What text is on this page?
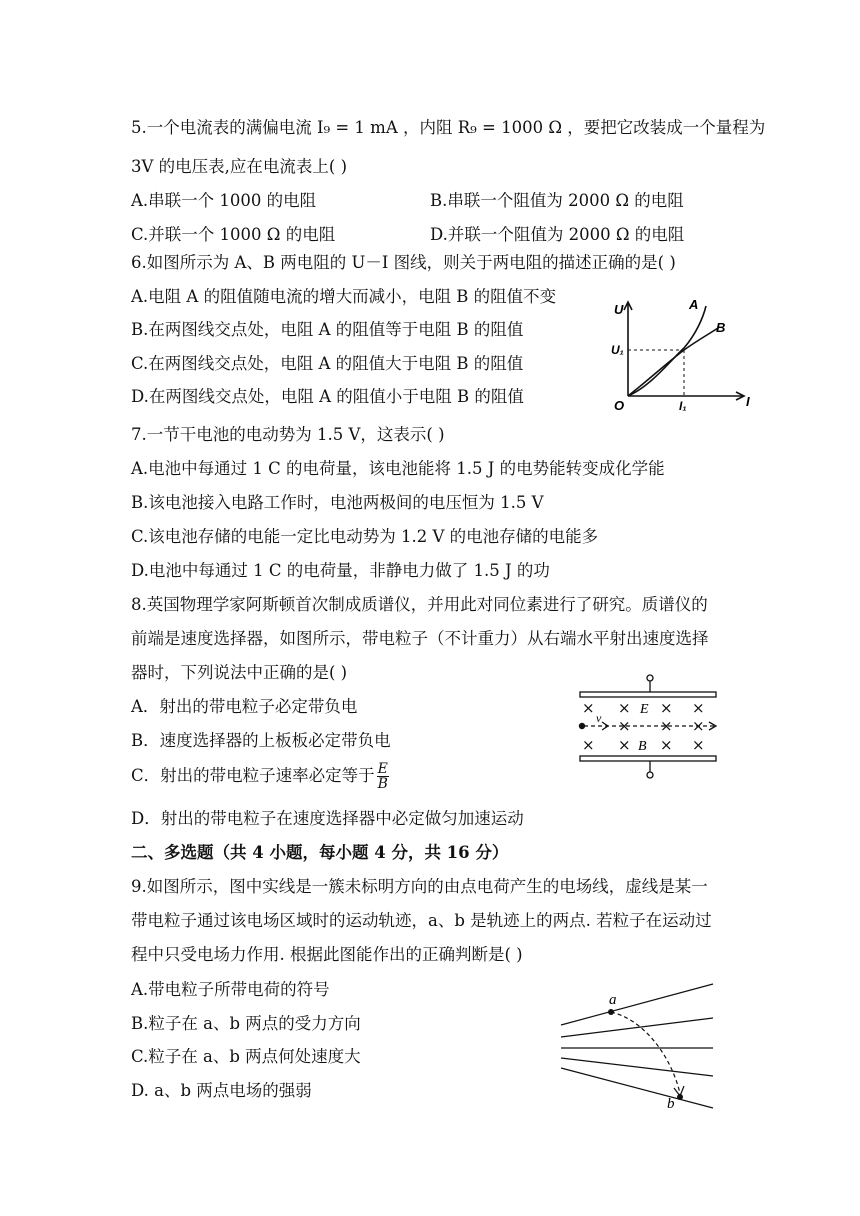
5.一个电流表的满偏电流 I₉ = 1 mA ，内阻 R₉ = 1000 Ω ，要把它改装成一个量程为
3V 的电压表,应在电流表上( )
A.串联一个 1000 的电阻	B.串联一个阻值为 2000 Ω 的电阻
C.并联一个 1000 Ω 的电阻	D.并联一个阻值为 2000 Ω 的电阻
6.如图所示为 A、B 两电阻的 U－I 图线，则关于两电阻的描述正确的是( )
A.电阻 A 的阻值随电流的增大而减小，电阻 B 的阻值不变
B.在两图线交点处，电阻 A 的阻值等于电阻 B 的阻值
C.在两图线交点处，电阻 A 的阻值大于电阻 B 的阻值
D.在两图线交点处，电阻 A 的阻值小于电阻 B 的阻值
U
U₁
O	I₁	I
A
B
7.一节干电池的电动势为 1.5 V，这表示( )
A.电池中每通过 1 C 的电荷量，该电池能将 1.5 J 的电势能转变成化学能
B.该电池接入电路工作时，电池两极间的电压恒为 1.5 V
C.该电池存储的电能一定比电动势为 1.2 V 的电池存储的电能多
D.电池中每通过 1 C 的电荷量，非静电力做了 1.5 J 的功
8.英国物理学家阿斯顿首次制成质谱仪，并用此对同位素进行了研究。质谱仪的
前端是速度选择器，如图所示，带电粒子（不计重力）从右端水平射出速度选择
器时，下列说法中正确的是( )
A．射出的带电粒子必定带负电
B．速度选择器的上板板必定带负电
C．射出的带电粒子速率必定等于 $\frac{E}{B}$
D．射出的带电粒子在速度选择器中必定做匀加速运动
× × × ×
× × ×
× × × ×
E
B
v
二、多选题（共 4 小题，每小题 4 分，共 16 分）
9.如图所示，图中实线是一簇未标明方向的由点电荷产生的电场线，虚线是某一
带电粒子通过该电场区域时的运动轨迹，a、b 是轨迹上的两点. 若粒子在运动过
程中只受电场力作用. 根据此图能作出的正确判断是( )
A.带电粒子所带电荷的符号
B.粒子在 a、b 两点的受力方向
C.粒子在 a、b 两点何处速度大
D. a、b 两点电场的强弱
a
b
